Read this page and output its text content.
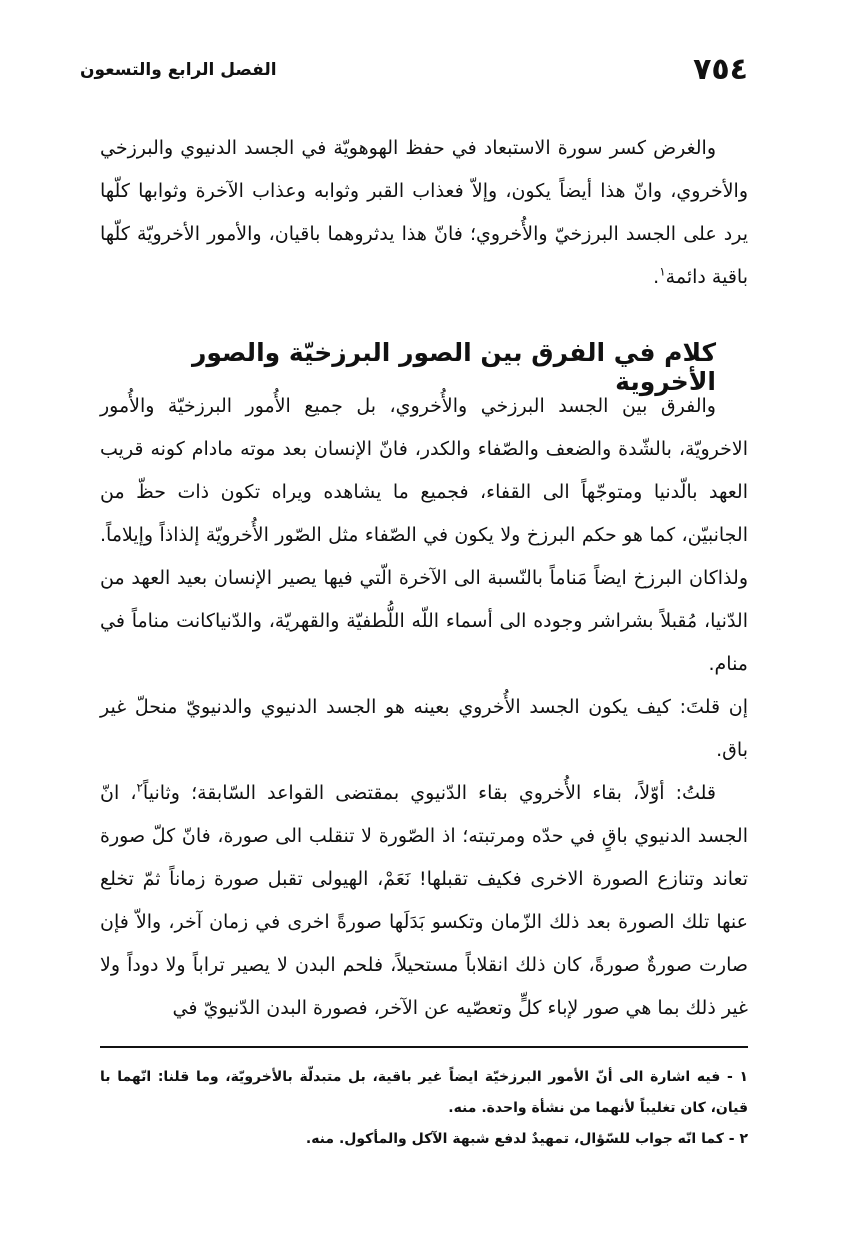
٧٥٤
الفصل الرابع والتسعون

والغرض كسر سورة الاستبعاد في حفظ الهوهويّة في الجسد الدنيوي والبرزخي والأخروي، وانّ هذا أيضاً يكون، وإلاّ فعذاب القبر وثوابه وعذاب الآخرة وثوابها كلّها يرد على الجسد البرزخيّ والأُخروي؛ فانّ هذا يدثروهما باقيان، والأمور الأخرويّة كلّها باقية دائمة$^١$.

كلام في الفرق بين الصور البرزخيّة والصور الأخروية

والفرق بين الجسد البرزخي والأُخروي، بل جميع الأُمور البرزخيّة والأُمور الاخرويّة، بالشّدة والضعف والصّفاء والكدر، فانّ الإنسان بعد موته مادام كونه قريب العهد بالّدنيا ومتوجّهاً الى القفاء، فجميع ما يشاهده ويراه تكون ذات حظّ من الجانبيّن، كما هو حكم البرزخ ولا يكون في الصّفاء مثل الصّور الأُخرويّة إلذاذاً وإيلاماً. ولذاكان البرزخ ايضاً مَناماً بالنّسبة الى الآخرة الّتي فيها يصير الإنسان بعيد العهد من الدّنيا، مُقبلاً بشراشر وجوده الى أسماء اللّه اللُّطفيّة والقهريّة، والدّنياكانت مناماً في منام.

إن قلتَ: كيف يكون الجسد الأُخروي بعينه هو الجسد الدنيوي والدنيويّ منحلّ غير باق.

قلتُ: أوّلاً، بقاء الأُخروي بقاء الدّنيوي بمقتضى القواعد السّابقة؛ وثانياً$^٢$، انّ الجسد الدنيوي باقٍ في حدّه ومرتبته؛ اذ الصّورة لا تنقلب الى صورة، فانّ كلّ صورة تعاند وتنازع الصورة الاخرى فكيف تقبلها! نَعَمْ، الهيولى تقبل صورة زماناً ثمّ تخلع عنها تلك الصورة بعد ذلك الزّمان وتكسو بَدَلَها صورةً اخرى في زمان آخر، والاّ فإن صارت صورةٌ صورةً، كان ذلك انقلاباً مستحيلاً، فلحم البدن لا يصير تراباً ولا دوداً ولا غير ذلك بما هي صور لإباء كلٍّ وتعصّيه عن الآخر، فصورة البدن الدّنيويّ في

١ - فيه اشارة الى أنّ الأمور البرزخيّة ايضاً غير باقية، بل متبدلّة بالأخرويّة، وما قلنا: انّهما با قيان، كان تغليباً لأنهما من نشأة واحدة. منه.

٢ - كما انّه جواب للسّؤال، تمهيدٌ لدفع شبهة الآكل والمأكول. منه.
